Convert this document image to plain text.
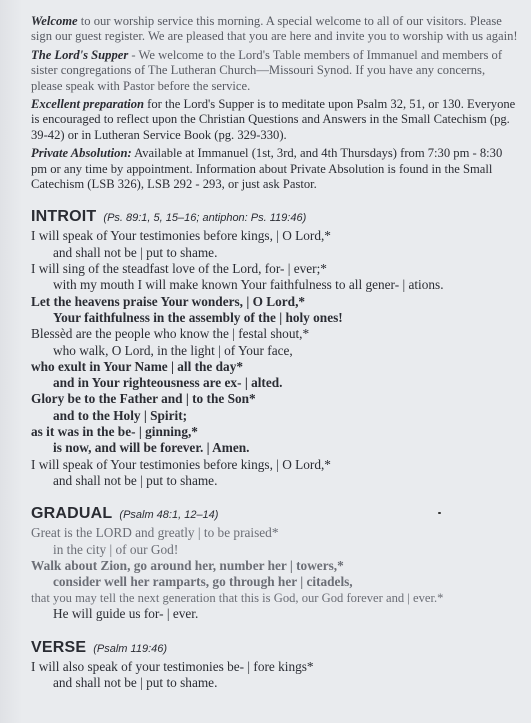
Welcome to our worship service this morning. A special welcome to all of our visitors. Please sign our guest register. We are pleased that you are here and invite you to worship with us again!

The Lord's Supper - We welcome to the Lord's Table members of Immanuel and members of sister congregations of The Lutheran Church—Missouri Synod. If you have any concerns, please speak with Pastor before the service.

Excellent preparation for the Lord's Supper is to meditate upon Psalm 32, 51, or 130. Everyone is encouraged to reflect upon the Christian Questions and Answers in the Small Catechism (pg. 39-42) or in Lutheran Service Book (pg. 329-330).

Private Absolution: Available at Immanuel (1st, 3rd, and 4th Thursdays) from 7:30 pm - 8:30 pm or any time by appointment. Information about Private Absolution is found in the Small Catechism (LSB 326), LSB 292 - 293, or just ask Pastor.

INTROIT (Ps. 89:1, 5, 15–16; antiphon: Ps. 119:46)
I will speak of Your testimonies before kings, | O Lord,*
and shall not be | put to shame.
I will sing of the steadfast love of the Lord, for- | ever;*
with my mouth I will make known Your faithfulness to all gener- | ations.
Let the heavens praise Your wonders, | O Lord,*
Your faithfulness in the assembly of the | holy ones!
Blessèd are the people who know the | festal shout,*
who walk, O Lord, in the light | of Your face,
who exult in Your Name | all the day*
and in Your righteousness are ex- | alted.
Glory be to the Father and | to the Son*
and to the Holy | Spirit;
as it was in the be- | ginning,*
is now, and will be forever. | Amen.
I will speak of Your testimonies before kings, | O Lord,*
and shall not be | put to shame.
GRADUAL (Psalm 48:1, 12–14)
Great is the LORD and greatly | to be praised*
in the city | of our God!
Walk about Zion, go around her, number her | towers,*
consider well her ramparts, go through her | citadels,
that you may tell the next generation that this is God, our God forever and | ever.*
He will guide us for- | ever.
VERSE (Psalm 119:46)
I will also speak of your testimonies be- | fore kings*
and shall not be | put to shame.
